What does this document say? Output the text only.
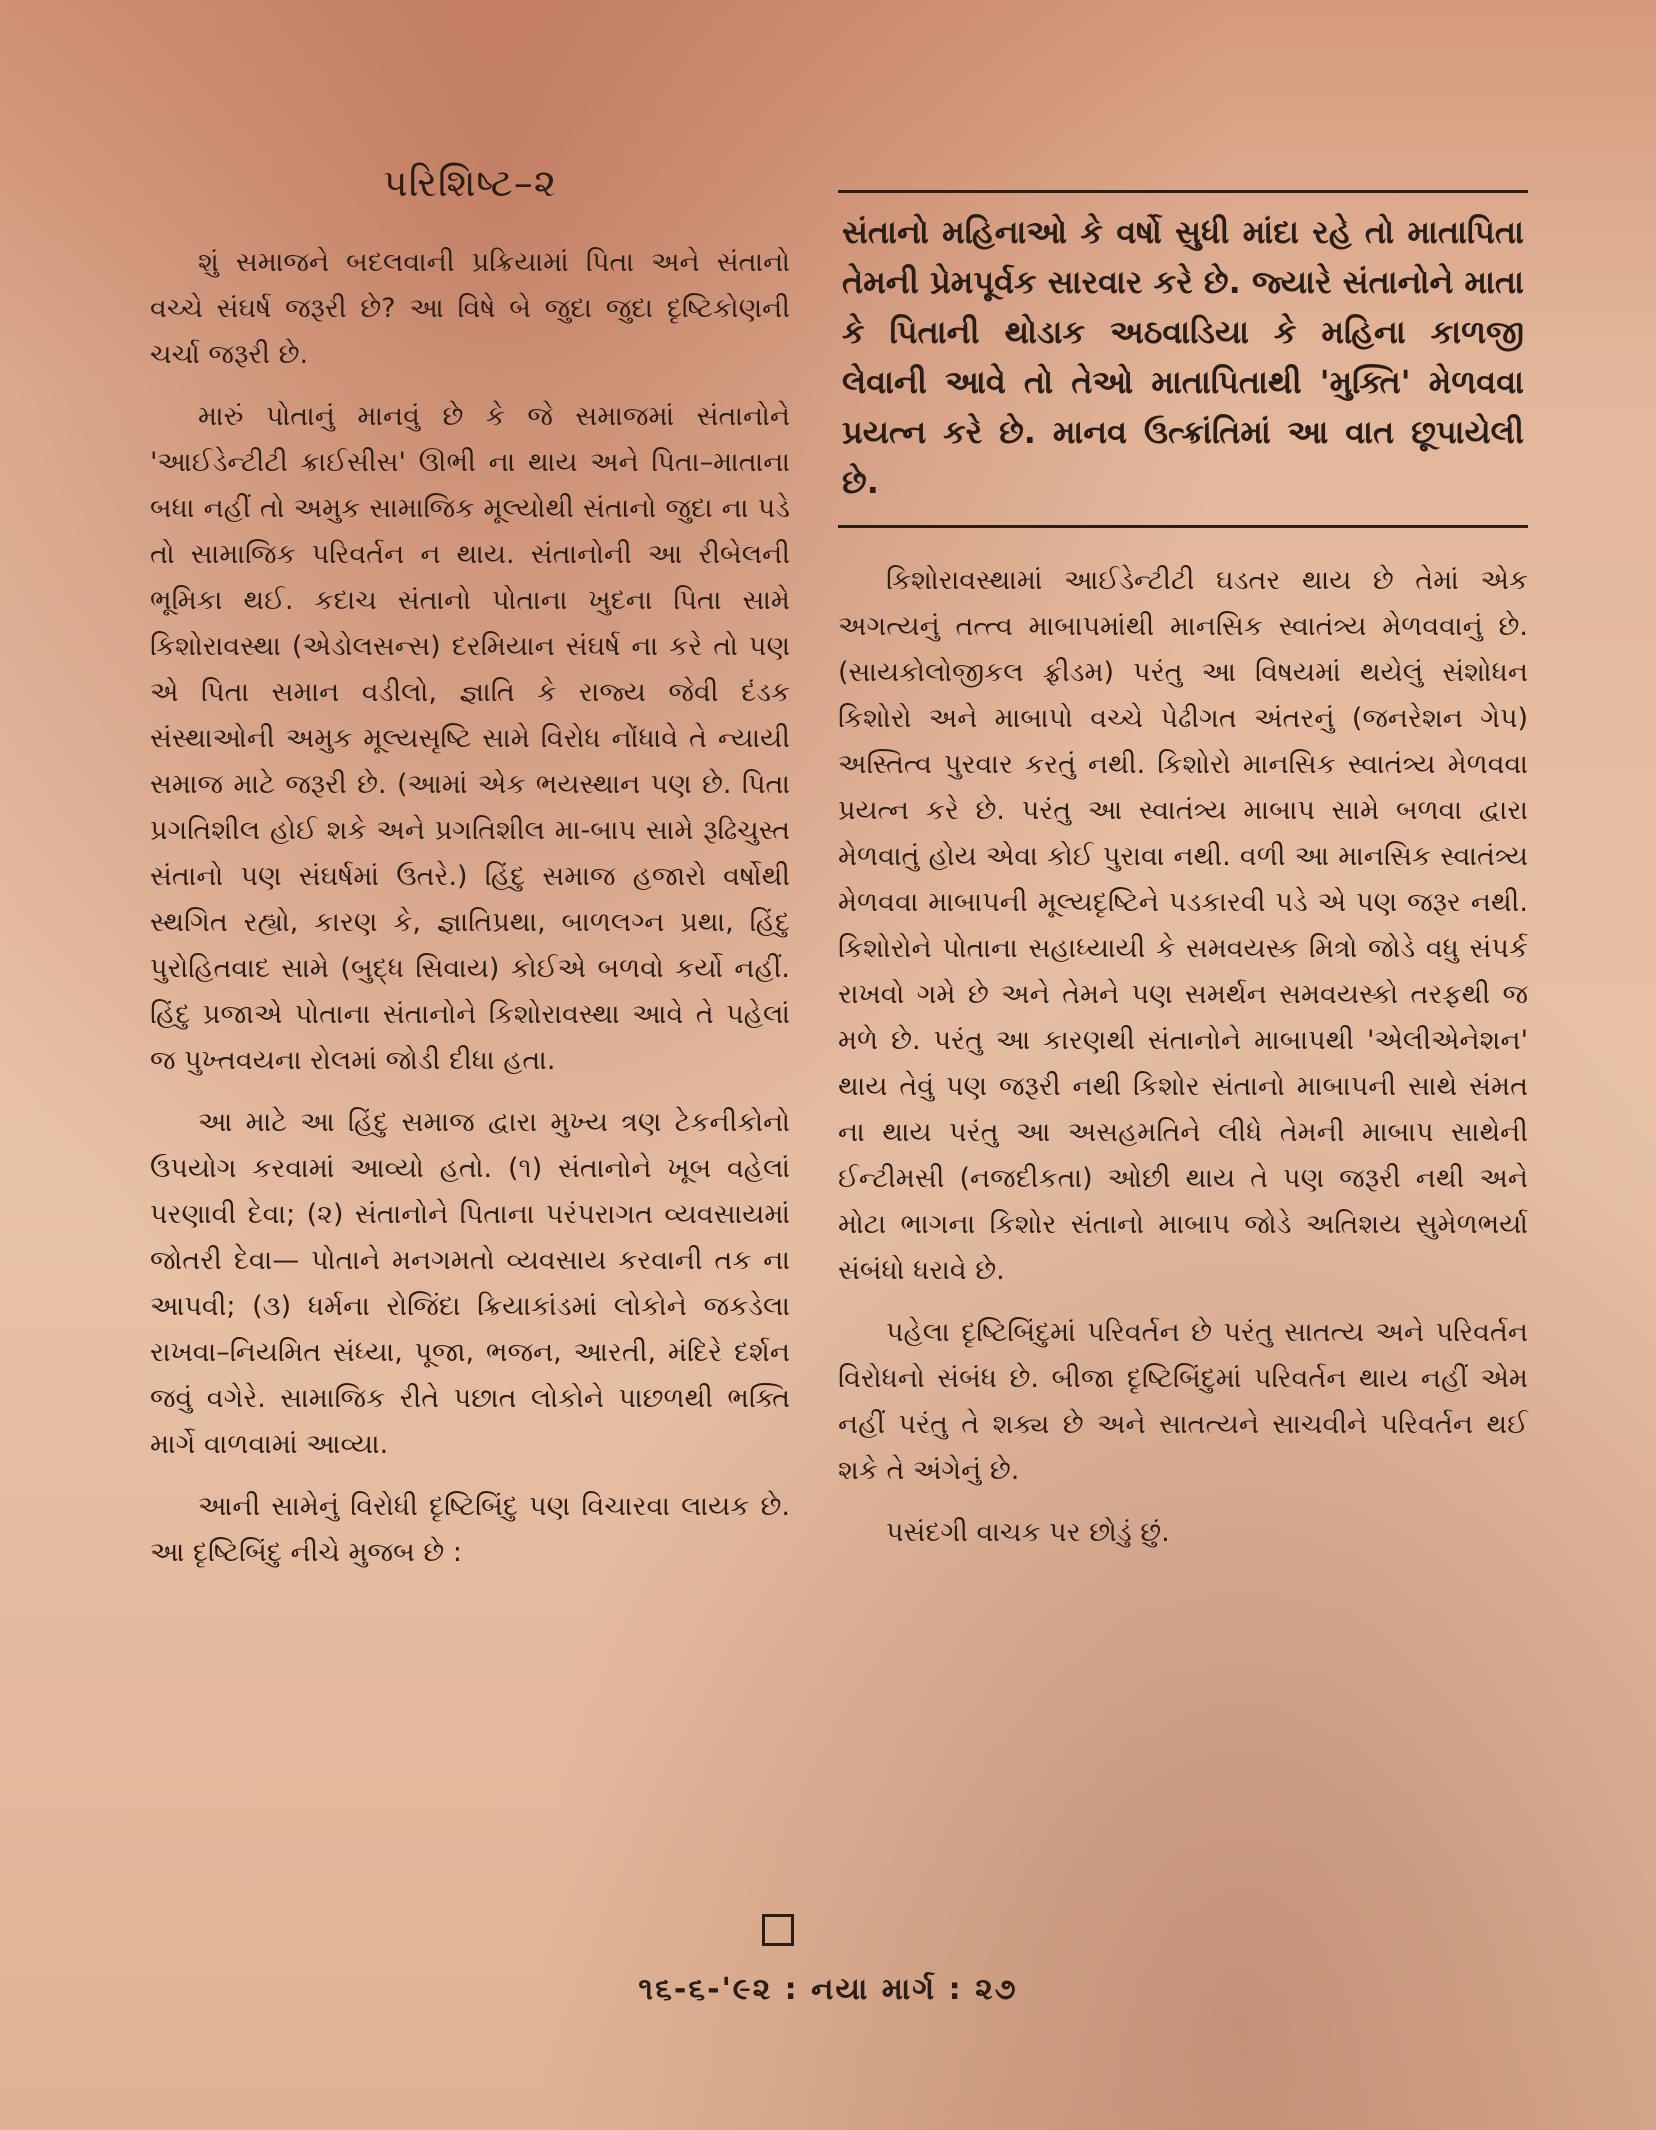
પરિશિષ્ટ–૨

શું સમાજને બદલવાની પ્રક્રિયામાં પિતા અને સંતાનો વચ્ચે સંઘર્ષ જરૂરી છે? આ વિષે બે જુદા જુદા દૃષ્ટિકોણની ચર્ચા જરૂરી છે.

મારું પોતાનું માનવું છે કે જે સમાજમાં સંતાનોને 'આઈડેન્ટીટી ક્રાઈસીસ' ઊભી ના થાય અને પિતા–માતાના બધા નહીં તો અમુક સામાજિક મૂલ્યોથી સંતાનો જુદા ના પડે તો સામાજિક પરિવર્તન ન થાય. સંતાનોની આ રીબેલની ભૂમિકા થઈ. કદાચ સંતાનો પોતાના ખુદના પિતા સામે કિશોરાવસ્થા (એડોલસન્સ) દરમિયાન સંઘર્ષ ના કરે તો પણ એ પિતા સમાન વડીલો, જ્ઞાતિ કે રાજ્ય જેવી દંડક સંસ્થાઓની અમુક મૂલ્યસૃષ્ટિ સામે વિરોધ નોંધાવે તે ન્યાયી સમાજ માટે જરૂરી છે. (આમાં એક ભયસ્થાન પણ છે. પિતા પ્રગતિશીલ હોઈ શકે અને પ્રગતિશીલ મા-બાપ સામે રૂઢિચુસ્ત સંતાનો પણ સંઘર્ષમાં ઉતરે.) હિંદુ સમાજ હજારો વર્ષોથી સ્થગિત રહ્યો, કારણ કે, જ્ઞાતિપ્રથા, બાળલગ્ન પ્રથા, હિંદુ પુરોહિતવાદ સામે (બુદ્ધ સિવાય) કોઈએ બળવો કર્યો નહીં. હિંદુ પ્રજાએ પોતાના સંતાનોને કિશોરાવસ્થા આવે તે પહેલાં જ પુખ્તવયના રોલમાં જોડી દીધા હતા.

આ માટે આ હિંદુ સમાજ દ્વારા મુખ્ય ત્રણ ટેકનીકોનો ઉપયોગ કરવામાં આવ્યો હતો. (૧) સંતાનોને ખૂબ વહેલાં પરણાવી દેવા; (૨) સંતાનોને પિતાના પરંપરાગત વ્યવસાયમાં જોતરી દેવા— પોતાને મનગમતો વ્યવસાય કરવાની તક ના આપવી; (૩) ધર્મના રોજિંદા ક્રિયાકાંડમાં લોકોને જકડેલા રાખવા–નિયમિત સંધ્યા, પૂજા, ભજન, આરતી, મંદિરે દર્શન જવું વગેરે. સામાજિક રીતે પછાત લોકોને પાછળથી ભક્તિ માર્ગે વાળવામાં આવ્યા.

આની સામેનું વિરોધી દૃષ્ટિબિંદુ પણ વિચારવા લાયક છે. આ દૃષ્ટિબિંદુ નીચે મુજબ છે :

સંતાનો મહિનાઓ કે વર્ષો સુધી માંદા રહે તો માતાપિતા તેમની પ્રેમપૂર્વક સારવાર કરે છે. જ્યારે સંતાનોને માતા કે પિતાની થોડાક અઠવાડિયા કે મહિના કાળજી લેવાની આવે તો તેઓ માતાપિતાથી 'મુક્તિ' મેળવવા પ્રયત્ન કરે છે. માનવ ઉત્ક્રાંતિમાં આ વાત છૂપાયેલી છે.

કિશોરાવસ્થામાં આઈડેન્ટીટી ઘડતર થાય છે તેમાં એક અગત્યનું તત્ત્વ માબાપમાંથી માનસિક સ્વાતંત્ર્ય મેળવવાનું છે. (સાયકોલોજીકલ ફ્રીડમ) પરંતુ આ વિષયમાં થયેલું સંશોધન કિશોરો અને માબાપો વચ્ચે પેઢીગત અંતરનું (જનરેશન ગેપ) અસ્તિત્વ પુરવાર કરતું નથી. કિશોરો માનસિક સ્વાતંત્ર્ય મેળવવા પ્રયત્ન કરે છે. પરંતુ આ સ્વાતંત્ર્ય માબાપ સામે બળવા દ્વારા મેળવાતું હોય એવા કોઈ પુરાવા નથી. વળી આ માનસિક સ્વાતંત્ર્ય મેળવવા માબાપની મૂલ્યદૃષ્ટિને પડકારવી પડે એ પણ જરૂર નથી. કિશોરોને પોતાના સહાધ્યાયી કે સમવયસ્ક મિત્રો જોડે વધુ સંપર્ક રાખવો ગમે છે અને તેમને પણ સમર્થન સમવયસ્કો તરફથી જ મળે છે. પરંતુ આ કારણથી સંતાનોને માબાપથી 'એલીએનેશન' થાય તેવું પણ જરૂરી નથી કિશોર સંતાનો માબાપની સાથે સંમત ના થાય પરંતુ આ અસહમતિને લીધે તેમની માબાપ સાથેની ઈન્ટીમસી (નજદીકતા) ઓછી થાય તે પણ જરૂરી નથી અને મોટા ભાગના કિશોર સંતાનો માબાપ જોડે અતિશય સુમેળભર્યા સંબંધો ધરાવે છે.

પહેલા દૃષ્ટિબિંદુમાં પરિવર્તન છે પરંતુ સાતત્ય અને પરિવર્તન વિરોધનો સંબંધ છે. બીજા દૃષ્ટિબિંદુમાં પરિવર્તન થાય નહીં એમ નહીં પરંતુ તે શક્ય છે અને સાતત્યને સાચવીને પરિવર્તન થઈ શકે તે અંગેનું છે.

પસંદગી વાચક પર છોડું છું.

૧૬-૬-'૯૨ : નયા માર્ગ : ૨૭
